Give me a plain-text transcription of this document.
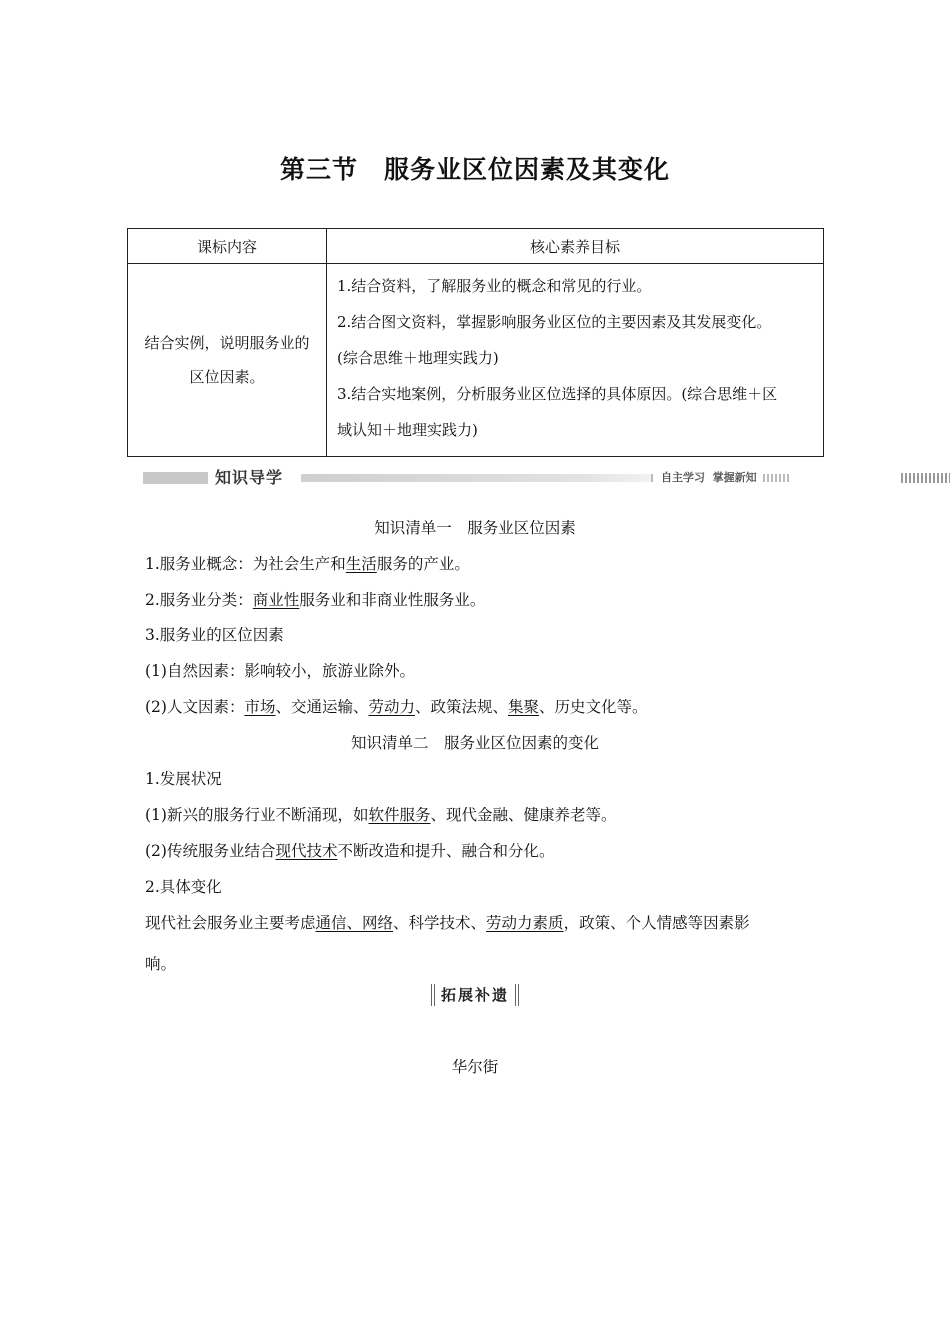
第三节　服务业区位因素及其变化
课标内容	核心素养目标
结合实例，说明服务业的区位因素。	1.结合资料，了解服务业的概念和常见的行业。
2.结合图文资料，掌握影响服务业区位的主要因素及其发展变化。
(综合思维＋地理实践力)
3.结合实地案例，分析服务业区位选择的具体原因。(综合思维＋区
域认知＋地理实践力)
知识导学	自主学习  掌握新知
知识清单一　服务业区位因素
1.服务业概念：为社会生产和生活服务的产业。
2.服务业分类：商业性服务业和非商业性服务业。
3.服务业的区位因素
(1)自然因素：影响较小，旅游业除外。
(2)人文因素：市场、交通运输、劳动力、政策法规、集聚、历史文化等。
知识清单二　服务业区位因素的变化
1.发展状况
(1)新兴的服务行业不断涌现，如软件服务、现代金融、健康养老等。
(2)传统服务业结合现代技术不断改造和提升、融合和分化。
2.具体变化
现代社会服务业主要考虑通信、网络、科学技术、劳动力素质，政策、个人情感等因素影
响。
拓展补遗
华尔街
